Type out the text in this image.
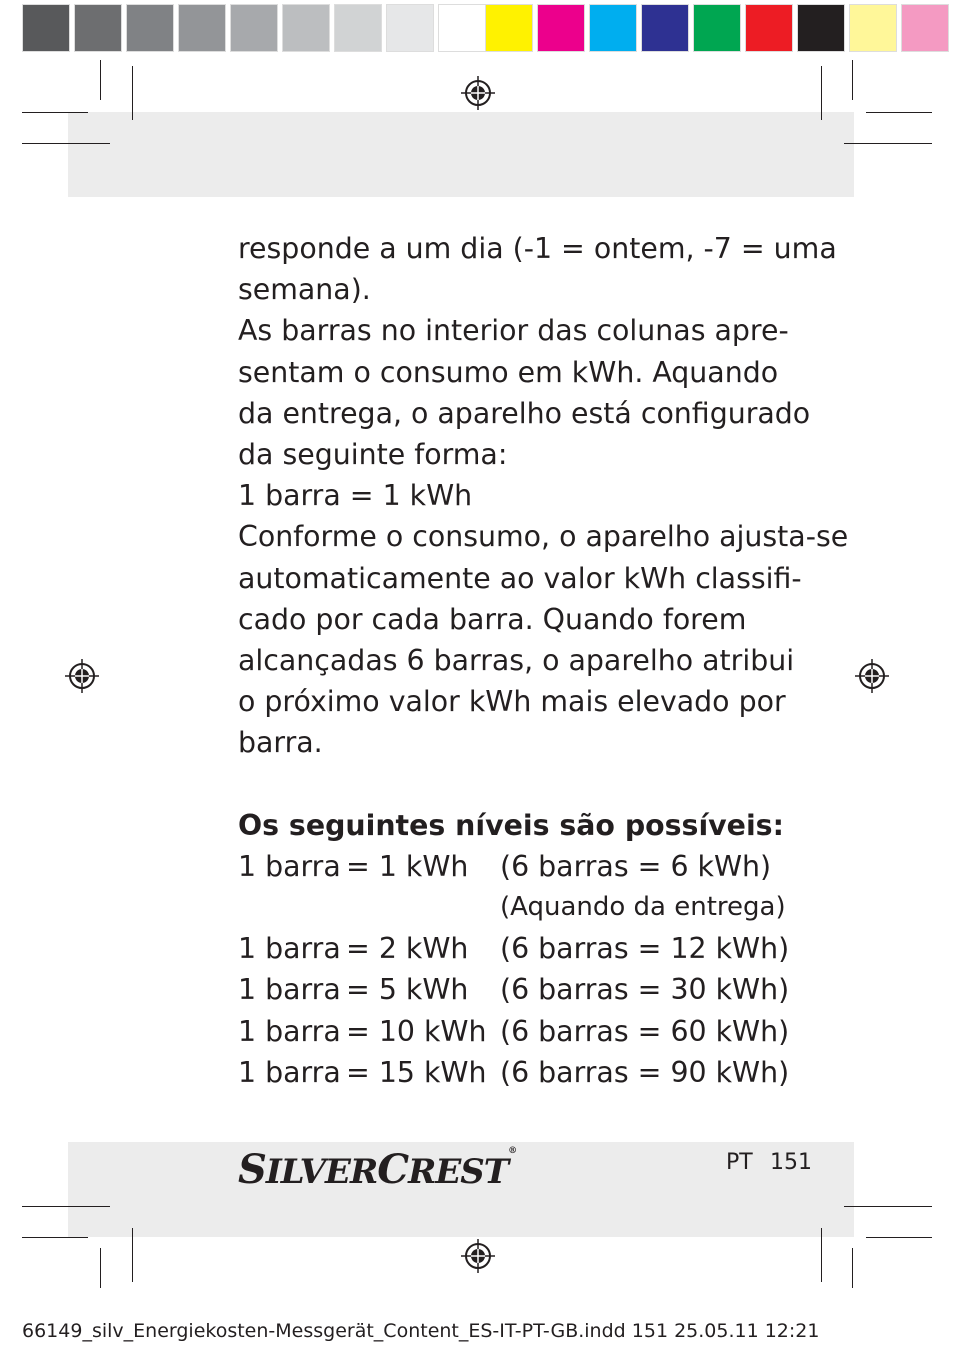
responde a um dia (-1 = ontem, -7 = uma

semana).

As barras no interior das colunas apre-

sentam o consumo em kWh. Aquando

da entrega, o aparelho está configurado

da seguinte forma:

1 barra = 1 kWh

Conforme o consumo, o aparelho ajusta-se

automaticamente ao valor kWh classifi-

cado por cada barra. Quando forem

alcançadas 6 barras, o aparelho atribui

o próximo valor kWh mais elevado por

barra.

Os seguintes níveis são possíveis:

1 barra = 1 kWh	(6 barras = 6 kWh)
(Aquando da entrega)
1 barra = 2 kWh	(6 barras = 12 kWh)
1 barra = 5 kWh	(6 barras = 30 kWh)
1 barra = 10 kWh (6 barras = 60 kWh)
1 barra = 15 kWh (6 barras = 90 kWh)
SILVERCREST®	PT 151
66149_silv_Energiekosten-Messgerät_Content_ES-IT-PT-GB.indd 151 25.05.11 12:21
